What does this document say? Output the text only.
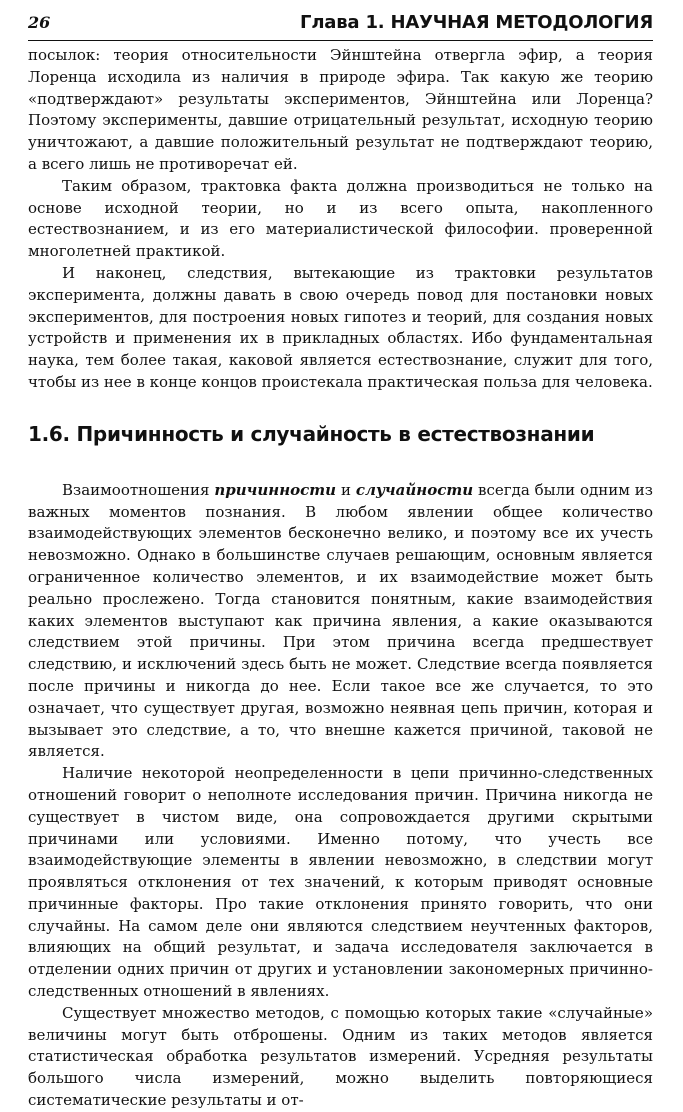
26	Глава 1. НАУЧНАЯ МЕТОДОЛОГИЯ

посылок: теория относительности Эйнштейна отвергла эфир, а теория Лоренца исходила из наличия в природе эфира. Так какую же теорию «подтверждают» результаты экспериментов, Эйнштейна или Лоренца? Поэтому эксперименты, давшие отрицательный результат, исходную теорию уничтожают, а давшие положительный результат не подтверждают теорию, а всего лишь не противоречат ей.

Таким образом, трактовка факта должна производиться не только на основе исходной теории, но и из всего опыта, накопленного естествознанием, и из его материалистической философии. проверенной многолетней практикой.

И наконец, следствия, вытекающие из трактовки результатов эксперимента, должны давать в свою очередь повод для постановки новых экспериментов, для построения новых гипотез и теорий, для создания новых устройств и применения их в прикладных областях. Ибо фундаментальная наука, тем более такая, каковой является естествознание, служит для того, чтобы из нее в конце концов проистекала практическая польза для человека.

1.6. Причинность и случайность в естествознании

Взаимоотношения причинности и случайности всегда были одним из важных моментов познания. В любом явлении общее количество взаимодействующих элементов бесконечно велико, и поэтому все их учесть невозможно. Однако в большинстве случаев решающим, основным является ограниченное количество элементов, и их взаимодействие может быть реально прослежено. Тогда становится понятным, какие взаимодействия каких элементов выступают как причина явления, а какие оказываются следствием этой причины. При этом причина всегда предшествует следствию, и исключений здесь быть не может. Следствие всегда появляется после причины и никогда до нее. Если такое все же случается, то это означает, что существует другая, возможно неявная цепь причин, которая и вызывает это следствие, а то, что внешне кажется причиной, таковой не является.

Наличие некоторой неопределенности в цепи причинно-следственных отношений говорит о неполноте исследования причин. Причина никогда не существует в чистом виде, она сопровождается другими скрытыми причинами или условиями. Именно потому, что учесть все взаимодействующие элементы в явлении невозможно, в следствии могут проявляться отклонения от тех значений, к которым приводят основные причинные факторы. Про такие отклонения принято говорить, что они случайны. На самом деле они являются следствием неучтенных факторов, влияющих на общий результат, и задача исследователя заключается в отделении одних причин от других и установлении закономерных причинно-следственных отношений в явлениях.

Существует множество методов, с помощью которых такие «случайные» величины могут быть отброшены. Одним из таких методов является статистическая обработка результатов измерений. Усредняя результаты большого числа измерений, можно выделить повторяющиеся систематические результаты и от-
